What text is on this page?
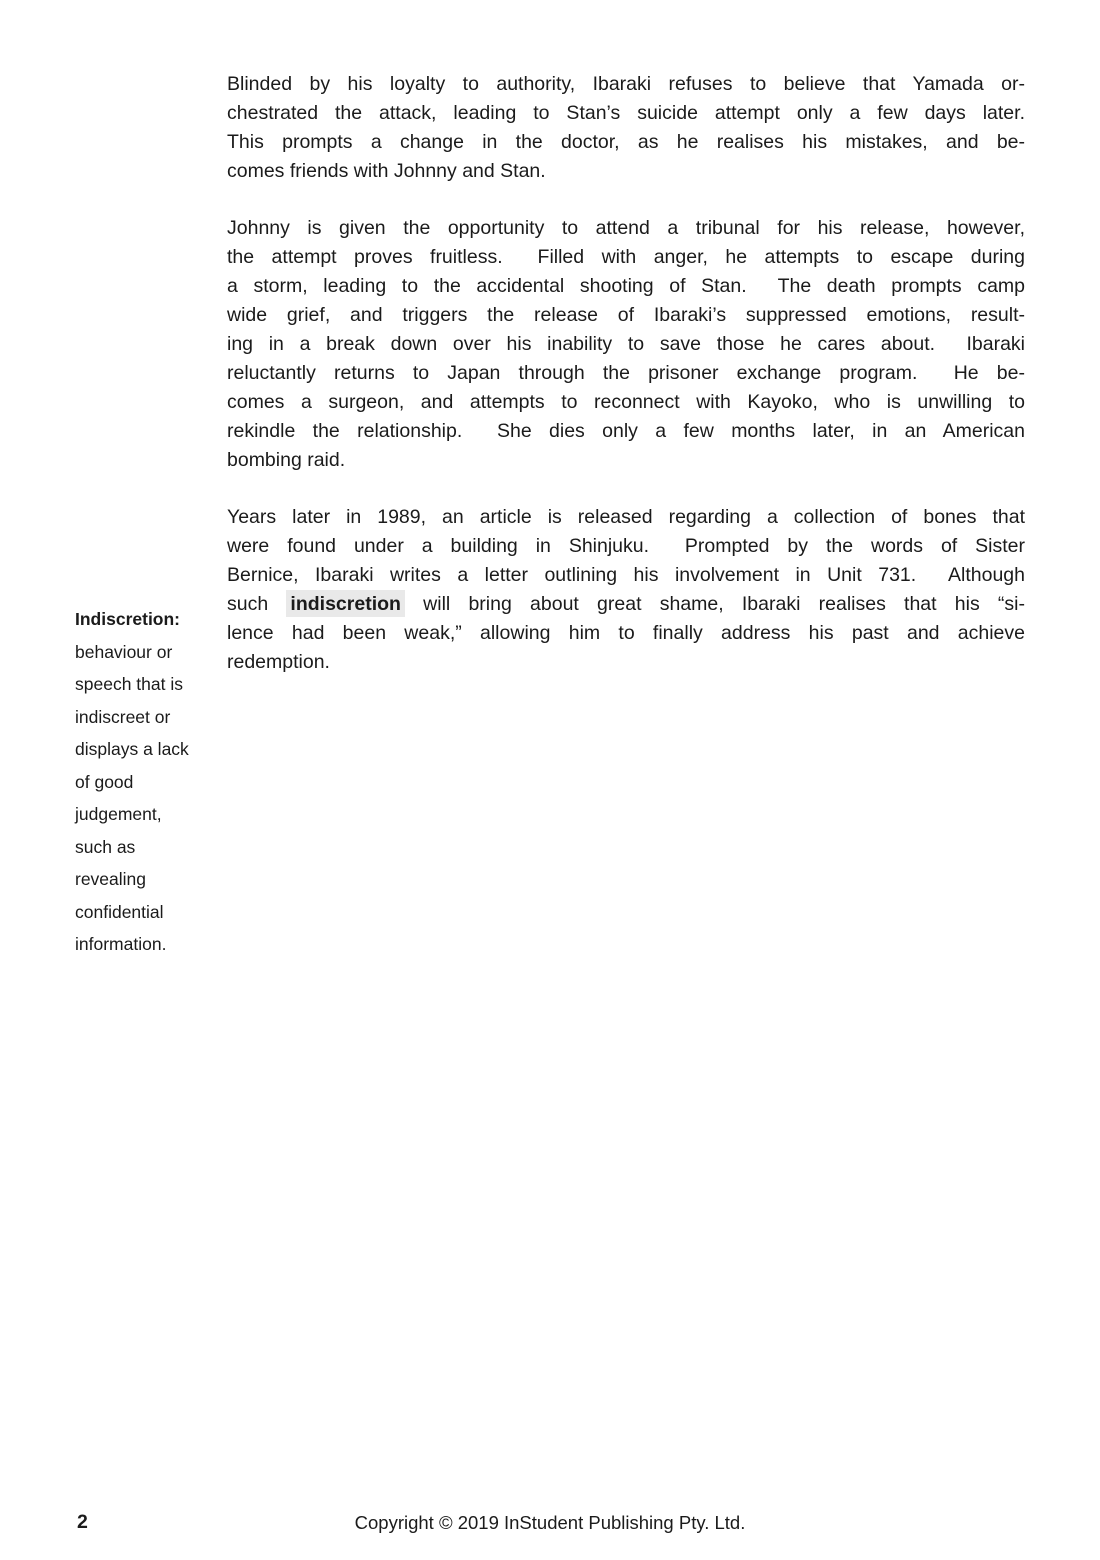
Indiscretion:
behaviour or
speech that is
indiscreet or
displays a lack
of good
judgement,
such as
revealing
confidential
information.
Blinded by his loyalty to authority, Ibaraki refuses to believe that Yamada or-
chestrated the attack, leading to Stan’s suicide attempt only a few days later.
This prompts a change in the doctor, as he realises his mistakes, and be-
comes friends with Johnny and Stan.
Johnny is given the opportunity to attend a tribunal for his release, however,
the attempt proves fruitless.  Filled with anger, he attempts to escape during
a storm, leading to the accidental shooting of Stan.  The death prompts camp
wide grief, and triggers the release of Ibaraki’s suppressed emotions, result-
ing in a break down over his inability to save those he cares about.  Ibaraki
reluctantly returns to Japan through the prisoner exchange program.  He be-
comes a surgeon, and attempts to reconnect with Kayoko, who is unwilling to
rekindle the relationship.  She dies only a few months later, in an American
bombing raid.
Years later in 1989, an article is released regarding a collection of bones that
were found under a building in Shinjuku.  Prompted by the words of Sister
Bernice, Ibaraki writes a letter outlining his involvement in Unit 731.  Although
such indiscretion will bring about great shame, Ibaraki realises that his “si-
lence had been weak,” allowing him to finally address his past and achieve
redemption.
2	Copyright © 2019 InStudent Publishing Pty. Ltd.
